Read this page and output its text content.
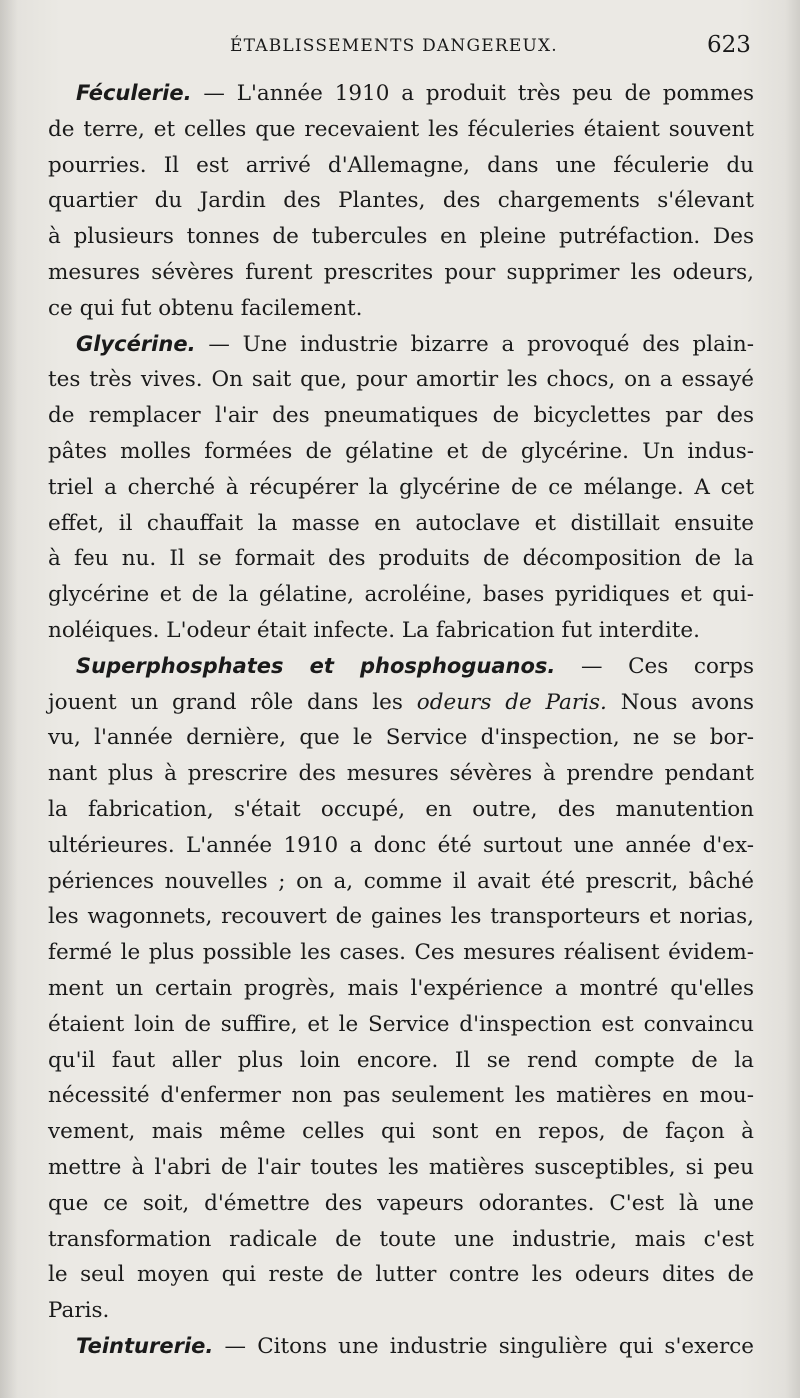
ÉTABLISSEMENTS DANGEREUX.	623
Féculerie. — L'année 1910 a produit très peu de pommes
de terre, et celles que recevaient les féculeries étaient souvent
pourries. Il est arrivé d'Allemagne, dans une féculerie du
quartier du Jardin des Plantes, des chargements s'élevant
à plusieurs tonnes de tubercules en pleine putréfaction. Des
mesures sévères furent prescrites pour supprimer les odeurs,
ce qui fut obtenu facilement.
Glycérine. — Une industrie bizarre a provoqué des plain-
tes très vives. On sait que, pour amortir les chocs, on a essayé
de remplacer l'air des pneumatiques de bicyclettes par des
pâtes molles formées de gélatine et de glycérine. Un indus-
triel a cherché à récupérer la glycérine de ce mélange. A cet
effet, il chauffait la masse en autoclave et distillait ensuite
à feu nu. Il se formait des produits de décomposition de la
glycérine et de la gélatine, acroléine, bases pyridiques et qui-
noléiques. L'odeur était infecte. La fabrication fut interdite.
Superphosphates et phosphoguanos. — Ces corps
jouent un grand rôle dans les odeurs de Paris. Nous avons
vu, l'année dernière, que le Service d'inspection, ne se bor-
nant plus à prescrire des mesures sévères à prendre pendant
la fabrication, s'était occupé, en outre, des manutention
ultérieures. L'année 1910 a donc été surtout une année d'ex-
périences nouvelles ; on a, comme il avait été prescrit, bâché
les wagonnets, recouvert de gaines les transporteurs et norias,
fermé le plus possible les cases. Ces mesures réalisent évidem-
ment un certain progrès, mais l'expérience a montré qu'elles
étaient loin de suffire, et le Service d'inspection est convaincu
qu'il faut aller plus loin encore. Il se rend compte de la
nécessité d'enfermer non pas seulement les matières en mou-
vement, mais même celles qui sont en repos, de façon à
mettre à l'abri de l'air toutes les matières susceptibles, si peu
que ce soit, d'émettre des vapeurs odorantes. C'est là une
transformation radicale de toute une industrie, mais c'est
le seul moyen qui reste de lutter contre les odeurs dites de
Paris.
Teinturerie. — Citons une industrie singulière qui s'exerce
